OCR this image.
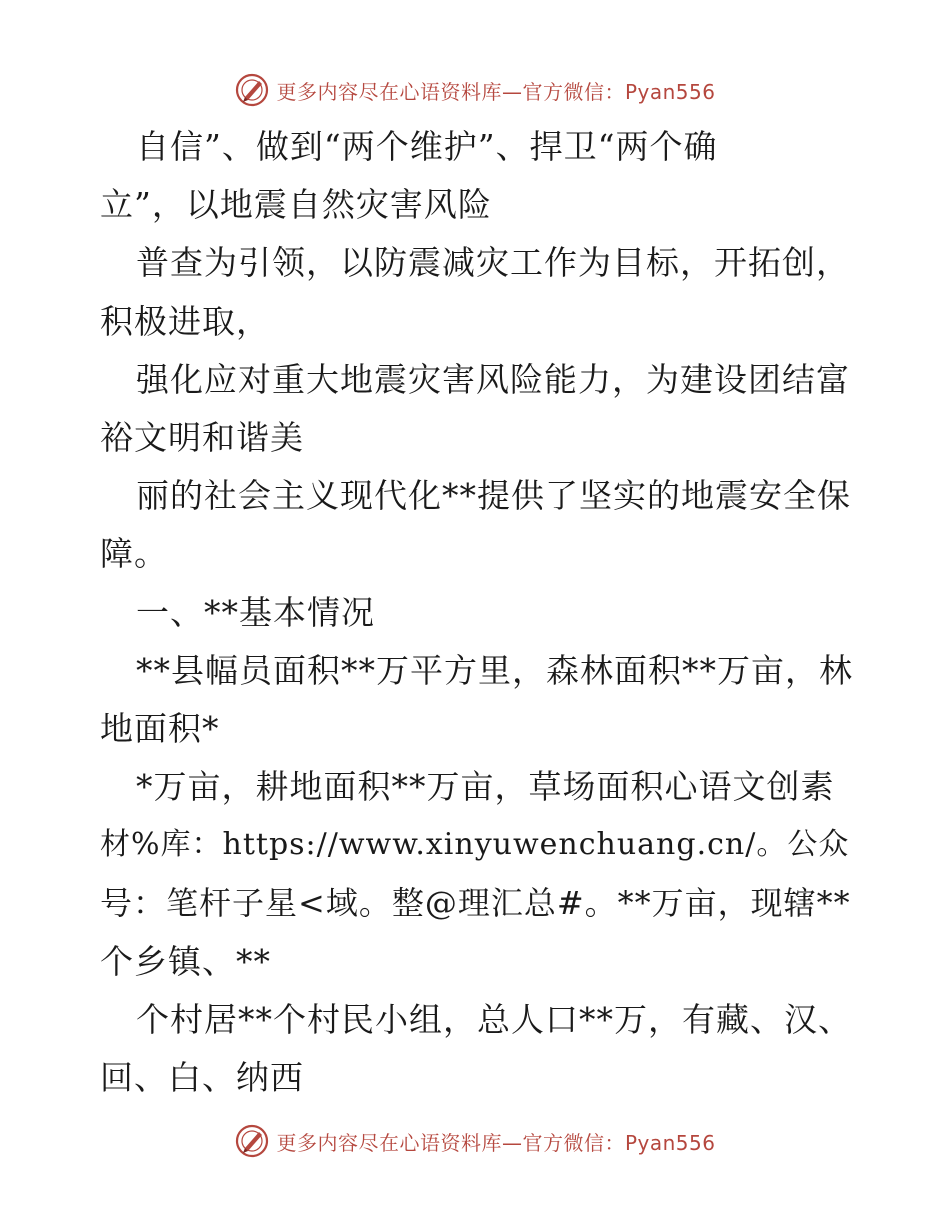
更多内容尽在心语资料库—官方微信：Pyan556
自信”、做到“两个维护”、捍卫“两个确
立”，以地震自然灾害风险
普查为引领，以防震减灾工作为目标，开拓创，
积极进取，
强化应对重大地震灾害风险能力，为建设团结富
裕文明和谐美
丽的社会主义现代化**提供了坚实的地震安全保
障。
一、**基本情况
**县幅员面积**万平方里，森林面积**万亩，林
地面积*
*万亩，耕地面积**万亩，草场面积心语文创素
材%库：https://www.xinyuwenchuang.cn/。公众
号：笔杆子星<域。整@理汇总#。**万亩，现辖**
个乡镇、**
个村居**个村民小组，总人口**万，有藏、汉、
回、白、纳西
更多内容尽在心语资料库—官方微信：Pyan556
